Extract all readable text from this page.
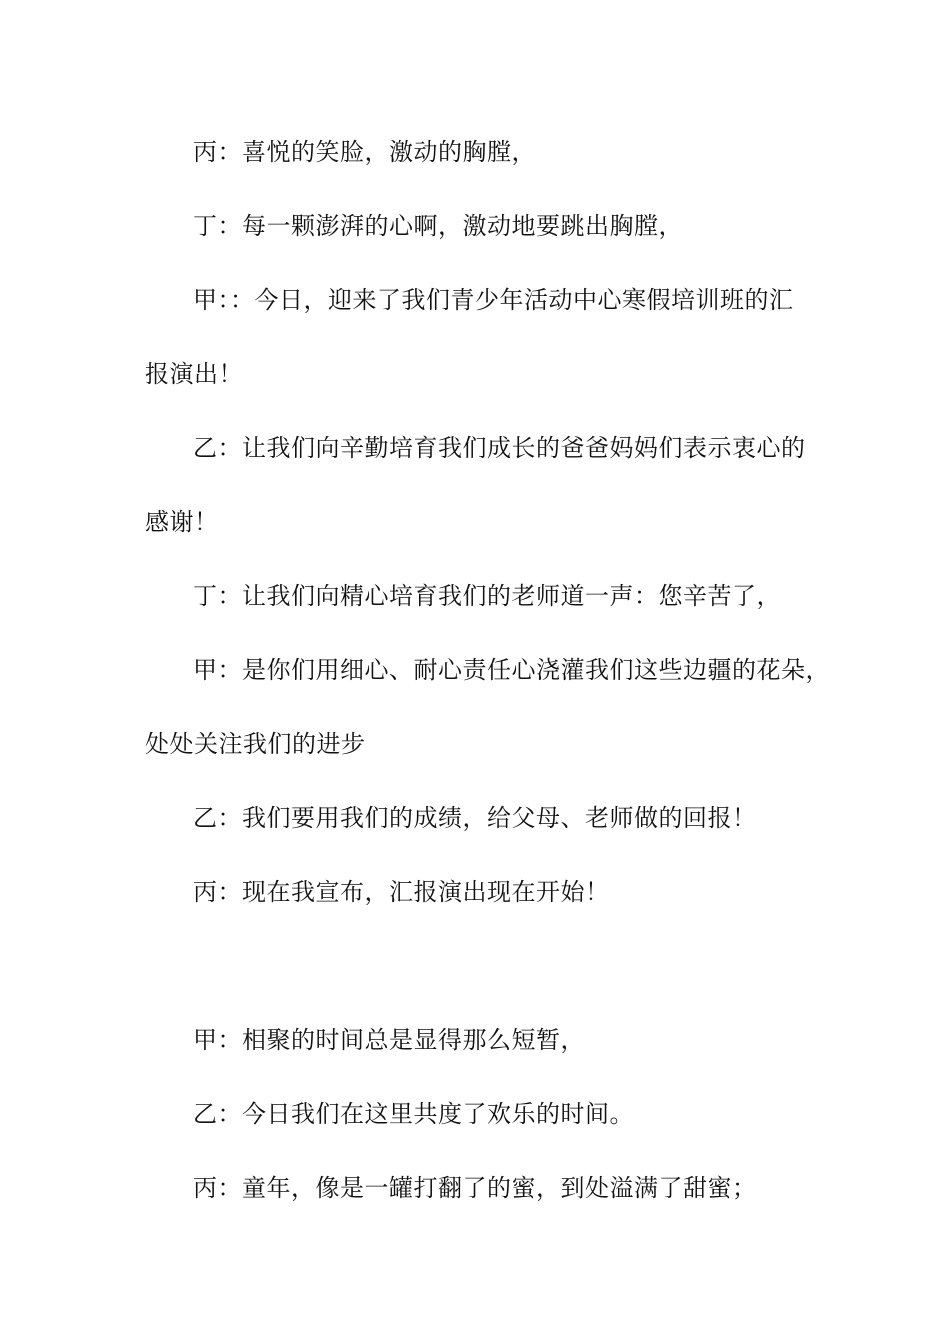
丙：喜悦的笑脸，激动的胸膛，
丁：每一颗澎湃的心啊，激动地要跳出胸膛，
甲：：今日，迎来了我们青少年活动中心寒假培训班的汇
报演出！
乙：让我们向辛勤培育我们成长的爸爸妈妈们表示衷心的
感谢！
丁：让我们向精心培育我们的老师道一声：您辛苦了，
甲：是你们用细心、耐心责任心浇灌我们这些边疆的花朵，
处处关注我们的进步
乙：我们要用我们的成绩，给父母、老师做的回报！
丙：现在我宣布，汇报演出现在开始！
甲：相聚的时间总是显得那么短暂，
乙：今日我们在这里共度了欢乐的时间。
丙：童年，像是一罐打翻了的蜜，到处溢满了甜蜜；
